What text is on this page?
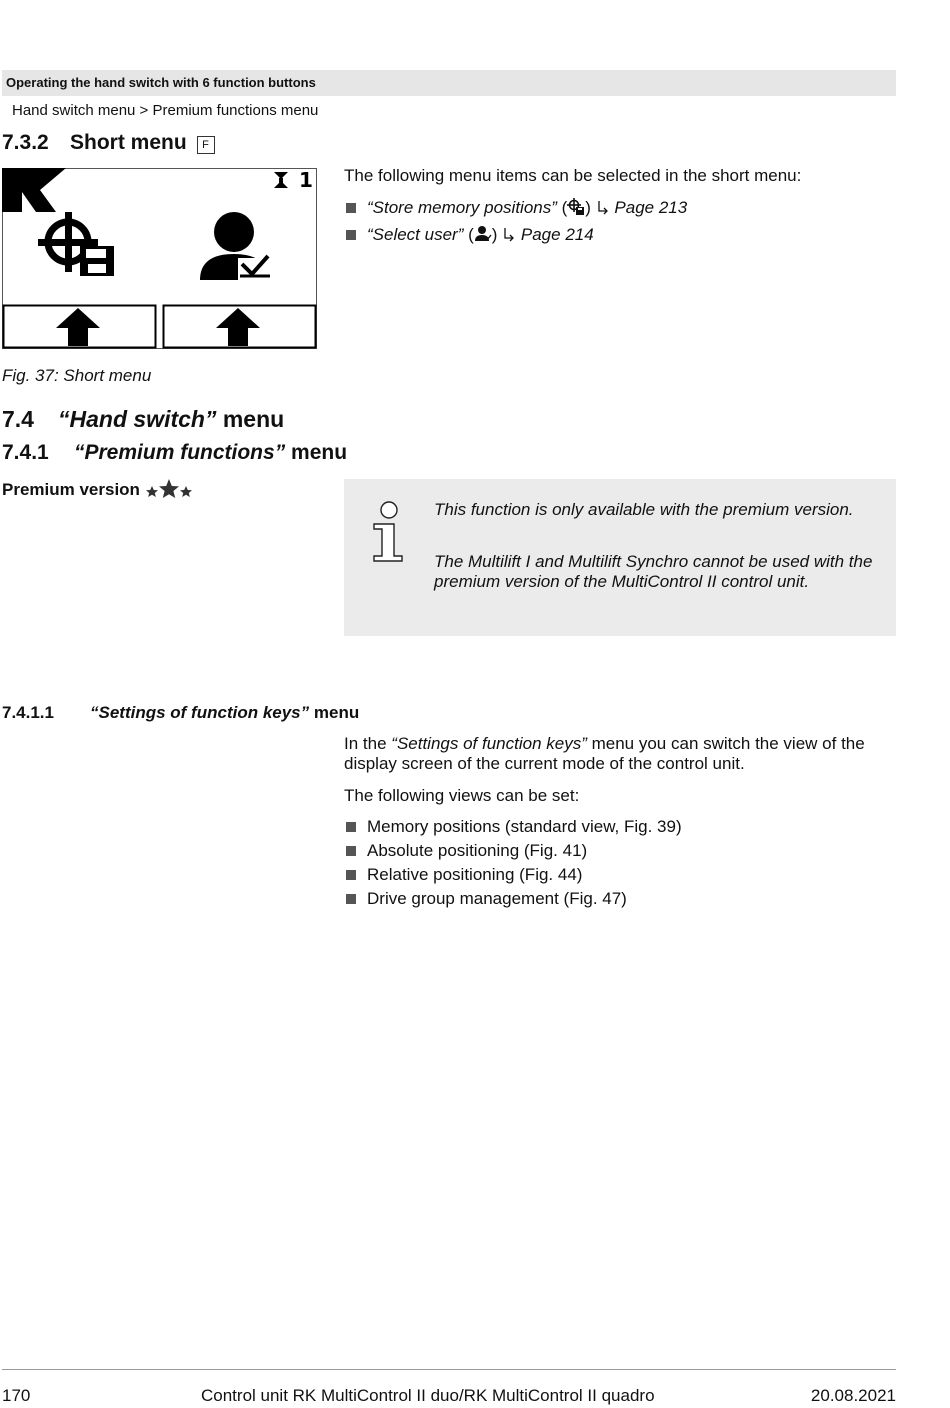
Operating the hand switch with 6 function buttons
Hand switch menu > Premium functions menu
7.3.2 Short menu F
1 The following menu items can be selected in the short menu:
“Store memory positions” ( )  Page 213
“Select user” ( )  Page 214
Fig. 37: Short menu
7.4 “Hand switch” menu
7.4.1 “Premium functions” menu
Premium version
This function is only available with the premium version.
The Multilift I and Multilift Synchro cannot be used with the premium version of the MultiControl II control unit.
7.4.1.1 “Settings of function keys” menu
In the “Settings of function keys” menu you can switch the view of the display screen of the current mode of the control unit.
The following views can be set:
Memory positions (standard view, Fig. 39)
Absolute positioning (Fig. 41)
Relative positioning (Fig. 44)
Drive group management (Fig. 47)
170	Control unit RK MultiControl II duo/RK MultiControl II quadro	20.08.2021
